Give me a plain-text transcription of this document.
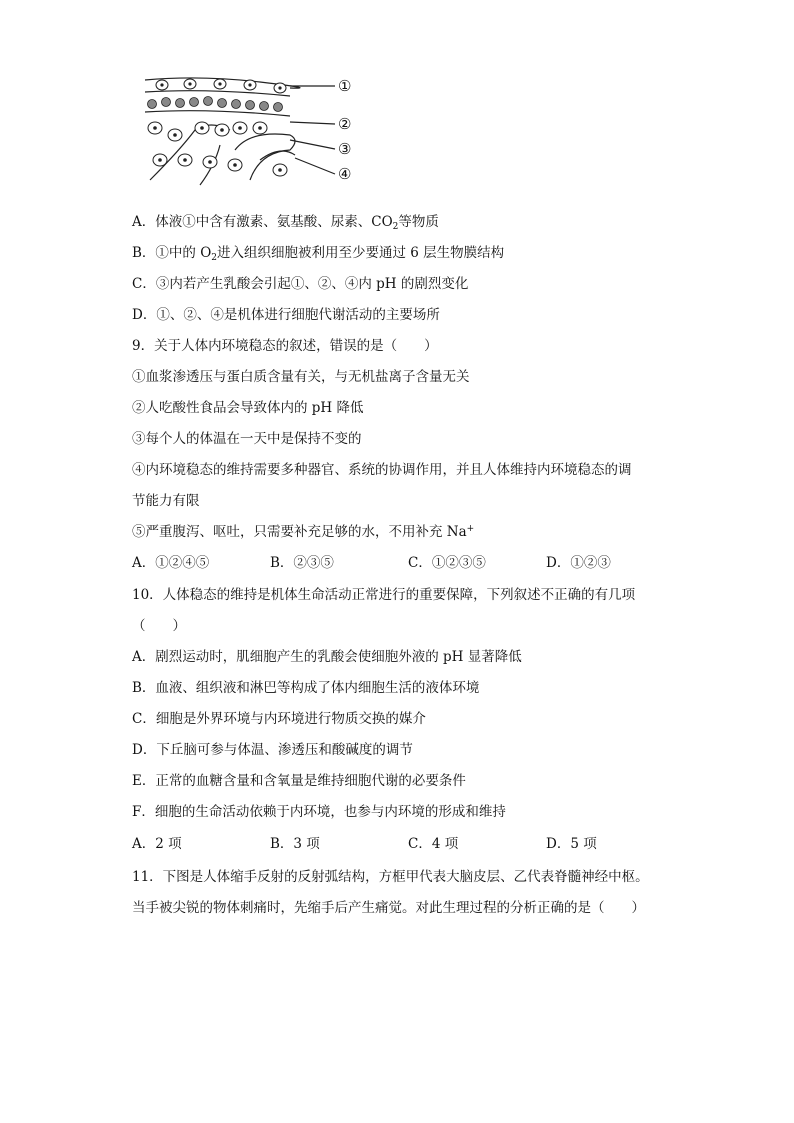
①
②
③
④
A．体液①中含有激素、氨基酸、尿素、$CO_2$等物质
B．①中的 $O_2$进入组织细胞被利用至少要通过 6 层生物膜结构
C．③内若产生乳酸会引起①、②、④内 pH 的剧烈变化
D．①、②、④是机体进行细胞代谢活动的主要场所
9．关于人体内环境稳态的叙述，错误的是（　　）
①血浆渗透压与蛋白质含量有关，与无机盐离子含量无关
②人吃酸性食品会导致体内的 pH 降低
③每个人的体温在一天中是保持不变的
④内环境稳态的维持需要多种器官、系统的协调作用，并且人体维持内环境稳态的调
节能力有限
⑤严重腹泻、呕吐，只需要补充足够的水，不用补充 Na+
A．①②④⑤	B．②③⑤	C．①②③⑤	D．①②③
10．人体稳态的维持是机体生命活动正常进行的重要保障，下列叙述不正确的有几项
（　　）
A．剧烈运动时，肌细胞产生的乳酸会使细胞外液的 pH 显著降低
B．血液、组织液和淋巴等构成了体内细胞生活的液体环境
C．细胞是外界环境与内环境进行物质交换的媒介
D．下丘脑可参与体温、渗透压和酸碱度的调节
E．正常的血糖含量和含氧量是维持细胞代谢的必要条件
F．细胞的生命活动依赖于内环境，也参与内环境的形成和维持
A．2 项	B．3 项	C．4 项	D．5 项
11．下图是人体缩手反射的反射弧结构，方框甲代表大脑皮层、乙代表脊髓神经中枢。
当手被尖锐的物体刺痛时，先缩手后产生痛觉。对此生理过程的分析正确的是（　　）
